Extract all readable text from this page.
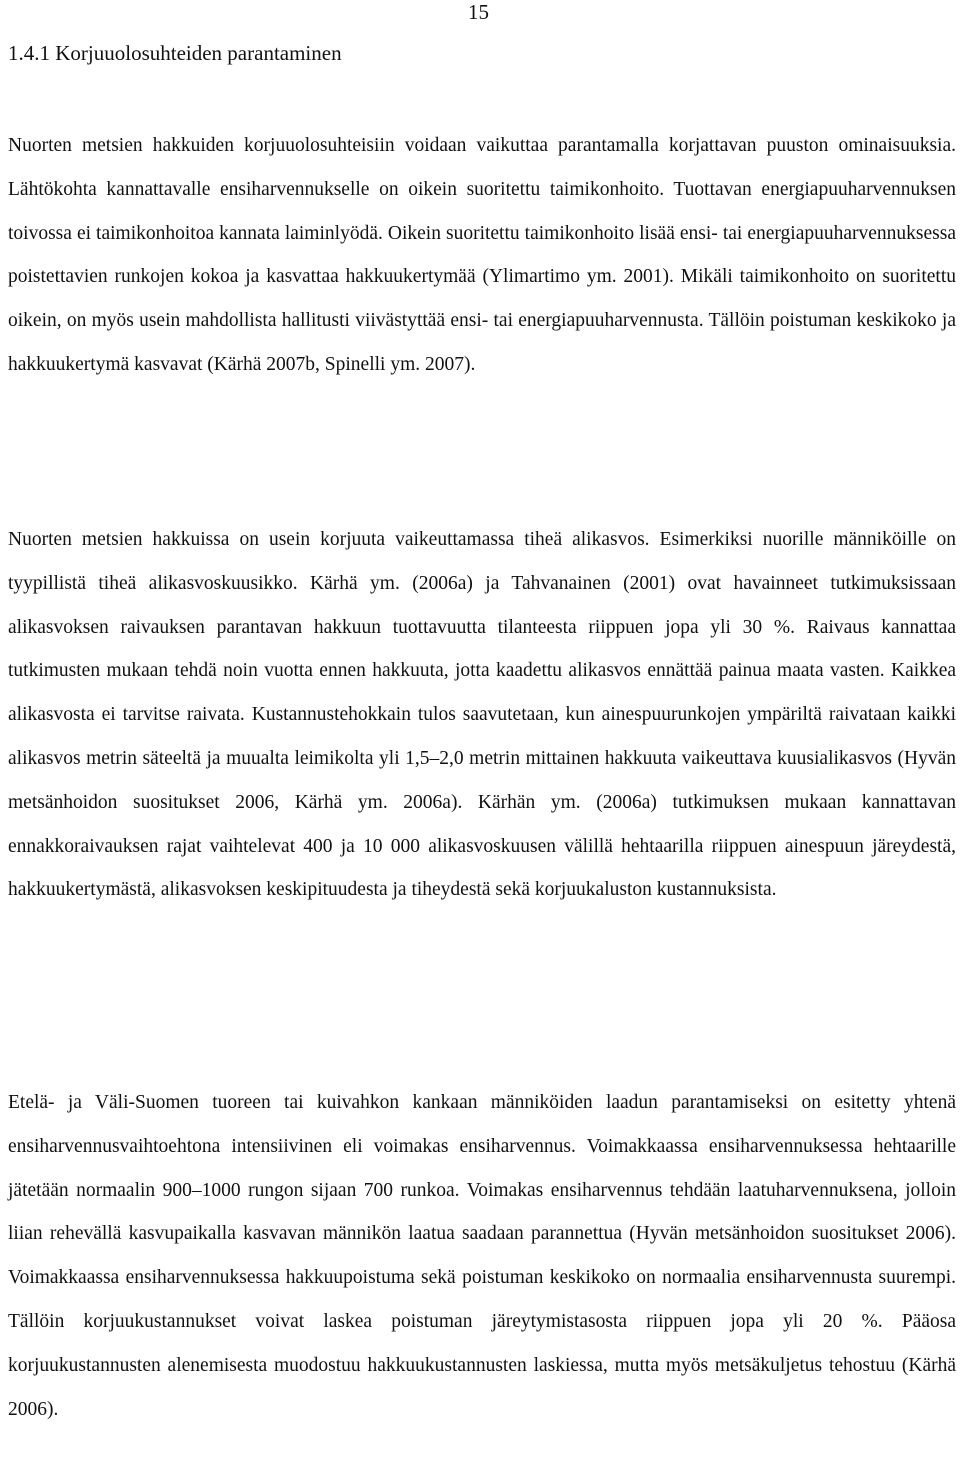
15
1.4.1 Korjuuolosuhteiden parantaminen

Nuorten metsien hakkuiden korjuuolosuhteisiin voidaan vaikuttaa parantamalla korjattavan puuston ominaisuuksia. Lähtökohta kannattavalle ensiharvennukselle on oikein suoritettu taimikonhoito. Tuottavan energiapuuharvennuksen toivossa ei taimikonhoitoa kannata laiminlyödä. Oikein suoritettu taimikonhoito lisää ensi- tai energiapuuharvennuksessa poistettavien runkojen kokoa ja kasvattaa hakkuukertymää (Ylimartimo ym. 2001). Mikäli taimikonhoito on suoritettu oikein, on myös usein mahdollista hallitusti viivästyttää ensi- tai energiapuuharvennusta. Tällöin poistuman keskikoko ja hakkuukertymä kasvavat (Kärhä 2007b, Spinelli ym. 2007).

Nuorten metsien hakkuissa on usein korjuuta vaikeuttamassa tiheä alikasvos. Esimerkiksi nuorille männiköille on tyypillistä tiheä alikasvoskuusikko. Kärhä ym. (2006a) ja Tahvanainen (2001) ovat havainneet tutkimuksissaan alikasvoksen raivauksen parantavan hakkuun tuottavuutta tilanteesta riippuen jopa yli 30 %. Raivaus kannattaa tutkimusten mukaan tehdä noin vuotta ennen hakkuuta, jotta kaadettu alikasvos ennättää painua maata vasten. Kaikkea alikasvosta ei tarvitse raivata. Kustannustehokkain tulos saavutetaan, kun ainespuurunkojen ympäriltä raivataan kaikki alikasvos metrin säteeltä ja muualta leimikolta yli 1,5–2,0 metrin mittainen hakkuuta vaikeuttava kuusialikasvos (Hyvän metsänhoidon suositukset 2006, Kärhä ym. 2006a). Kärhän ym. (2006a) tutkimuksen mukaan kannattavan ennakkoraivauksen rajat vaihtelevat 400 ja 10 000 alikasvoskuusen välillä hehtaarilla riippuen ainespuun järeydestä, hakkuukertymästä, alikasvoksen keskipituudesta ja tiheydestä sekä korjuukaluston kustannuksista.

Etelä- ja Väli-Suomen tuoreen tai kuivahkon kankaan männiköiden laadun parantamiseksi on esitetty yhtenä ensiharvennusvaihtoehtona intensiivinen eli voimakas ensiharvennus. Voimakkaassa ensiharvennuksessa hehtaarille jätetään normaalin 900–1000 rungon sijaan 700 runkoa. Voimakas ensiharvennus tehdään laatuharvennuksena, jolloin liian rehevällä kasvupaikalla kasvavan männikön laatua saadaan parannettua (Hyvän metsänhoidon suositukset 2006). Voimakkaassa ensiharvennuksessa hakkuupoistuma sekä poistuman keskikoko on normaalia ensiharvennusta suurempi. Tällöin korjuukustannukset voivat laskea poistuman järeytymistasosta riippuen jopa yli 20 %. Pääosa korjuukustannusten alenemisesta muodostuu hakkuukustannusten laskiessa, mutta myös metsäkuljetus tehostuu (Kärhä 2006).
